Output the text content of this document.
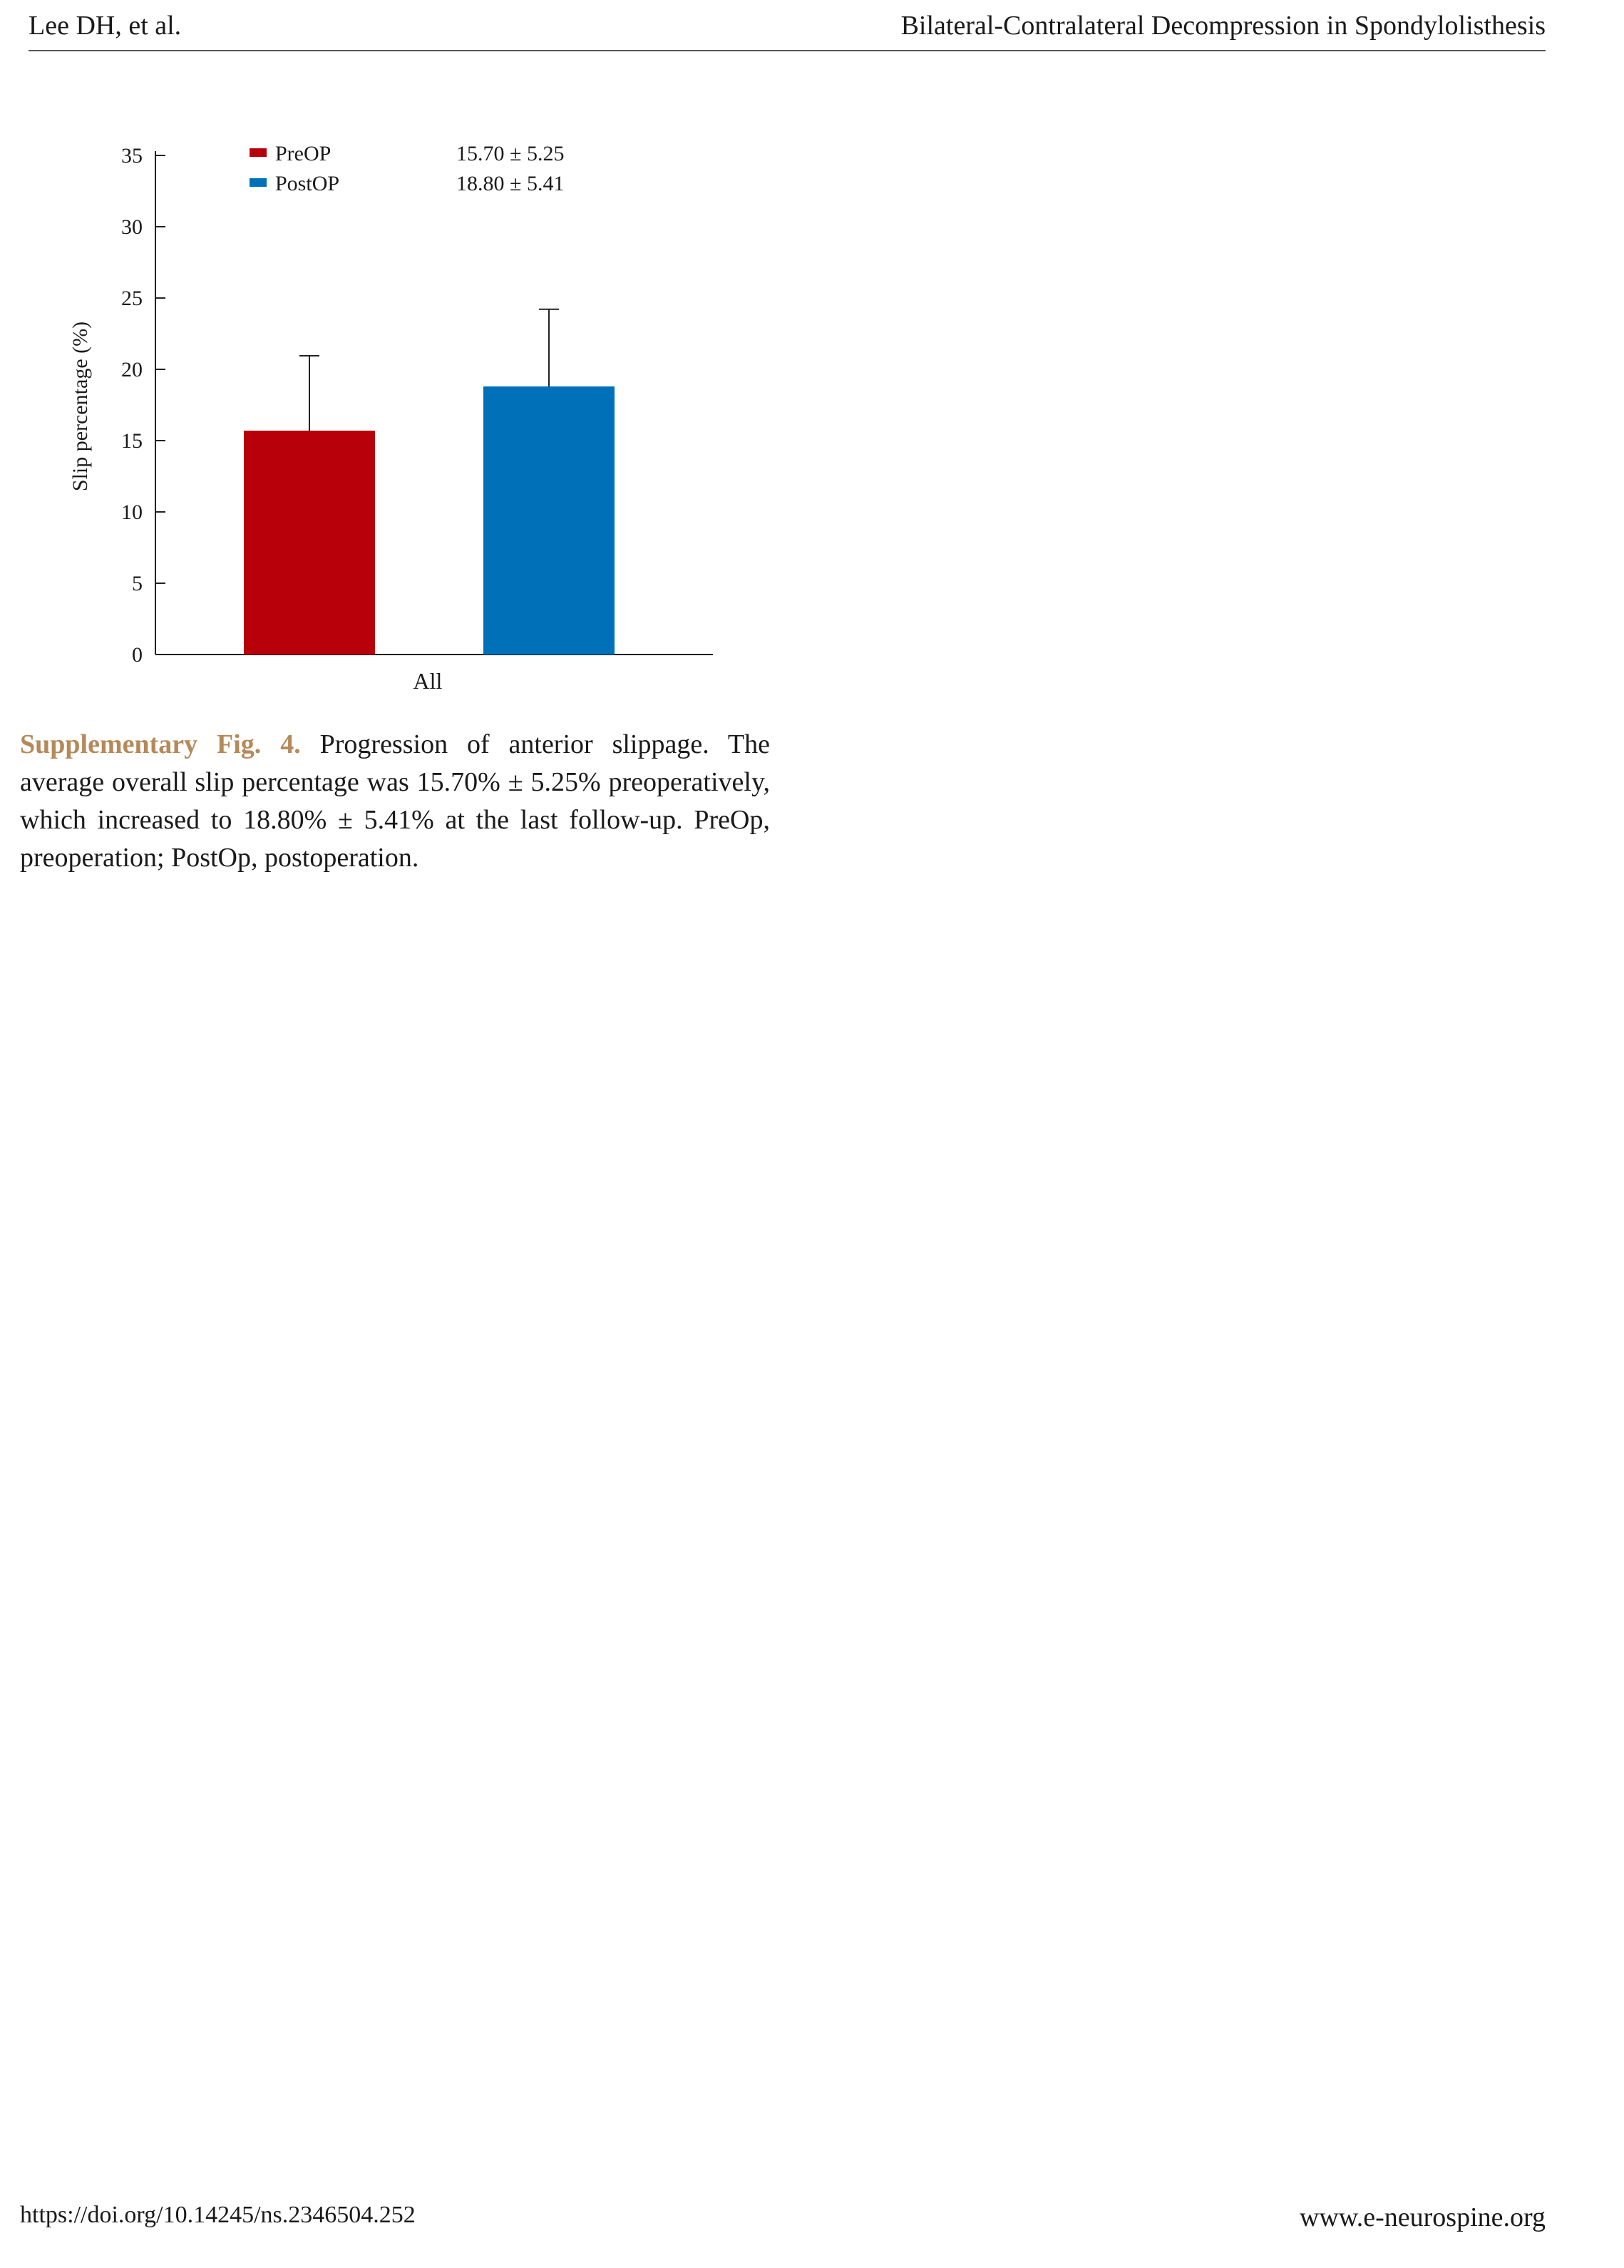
Lee DH, et al.	Bilateral-Contralateral Decompression in Spondylolisthesis
Slip percentage (%)
0
5
10
15
20
25
30
35
All
PreOP	15.70 ± 5.25
PostOP	18.80 ± 5.41
Supplementary Fig. 4. Progression of anterior slippage. The average overall slip percentage was 15.70% ± 5.25% preoperatively, which increased to 18.80% ± 5.41% at the last follow-up. PreOp, preoperation; PostOp, postoperation.
https://doi.org/10.14245/ns.2346504.252	www.e-neurospine.org
